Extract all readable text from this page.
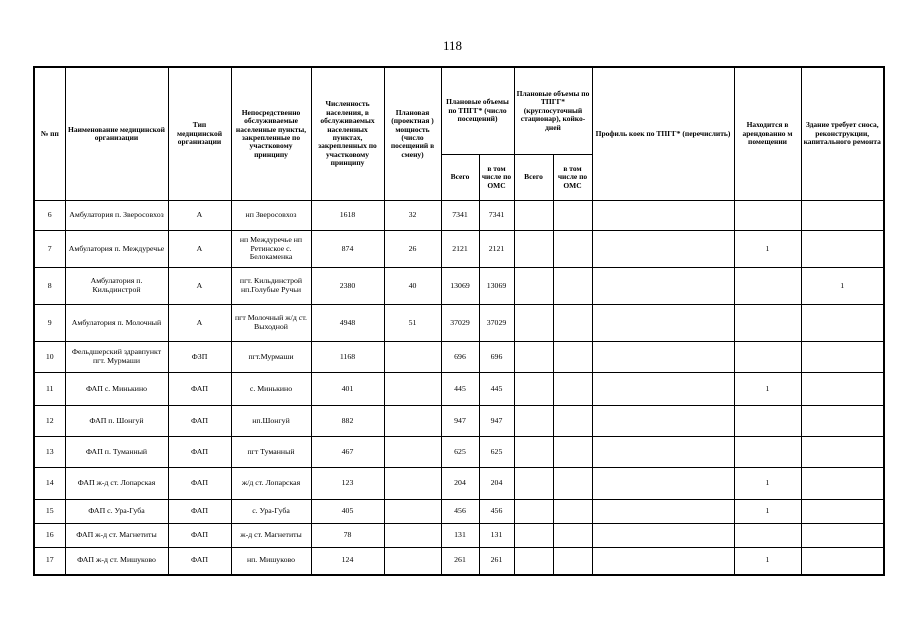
118
№ пп	Наименование медицинской организации	Тип медицинской организации	Непосредственно обслуживаемые населенные пункты, закрепленные по участковому принципу	Численность населения, в обслуживаемых населенных пунктах, закрепленных по участковому принципу	Плановая (проектная ) мощность (число посещений в смену)	Плановые объемы по ТПГГ* (число посещений)		Плановые объемы по ТПГГ* (круглосуточный стационар), койко-дней		Профиль коек по ТПГГ* (перечислить)	Находится в арендованно м помещении	Здание требует сноса, реконструкции, капитального ремонта
						Всего	в том числе по ОМС	Всего	в том числе по ОМС			
6	Амбулатория п. Зверосовхоз	А	нп Зверосовхоз	1618	32	7341	7341					
7	Амбулатория п. Междуречье	А	нп Междуречье нп Ретинское с. Белокаменка	874	26	2121	2121				1	
8	Амбулатория п. Кильдинстрой	А	пгт. Кильдинстрой нп.Голубые Ручьи	2380	40	13069	13069					1
9	Амбулатория п. Молочный	А	пгт Молочный ж/д ст. Выходной	4948	51	37029	37029					
10	Фельдшерский здравпункт пгт. Мурмаши	ФЗП	пгт.Мурмаши	1168		696	696					
11	ФАП с. Минькино	ФАП	с. Минькино	401		445	445				1	
12	ФАП п. Шонгуй	ФАП	нп.Шонгуй	882		947	947					
13	ФАП п. Туманный	ФАП	пгт Туманный	467		625	625					
14	ФАП ж-д ст. Лопарская	ФАП	ж/д ст. Лопарская	123		204	204				1	
15	ФАП с. Ура-Губа	ФАП	с. Ура-Губа	405		456	456				1	
16	ФАП ж-д ст. Магнетиты	ФАП	ж-д ст. Магнетиты	78		131	131					
17	ФАП ж-д ст. Мишуково	ФАП	нп. Мишуково	124		261	261				1	
